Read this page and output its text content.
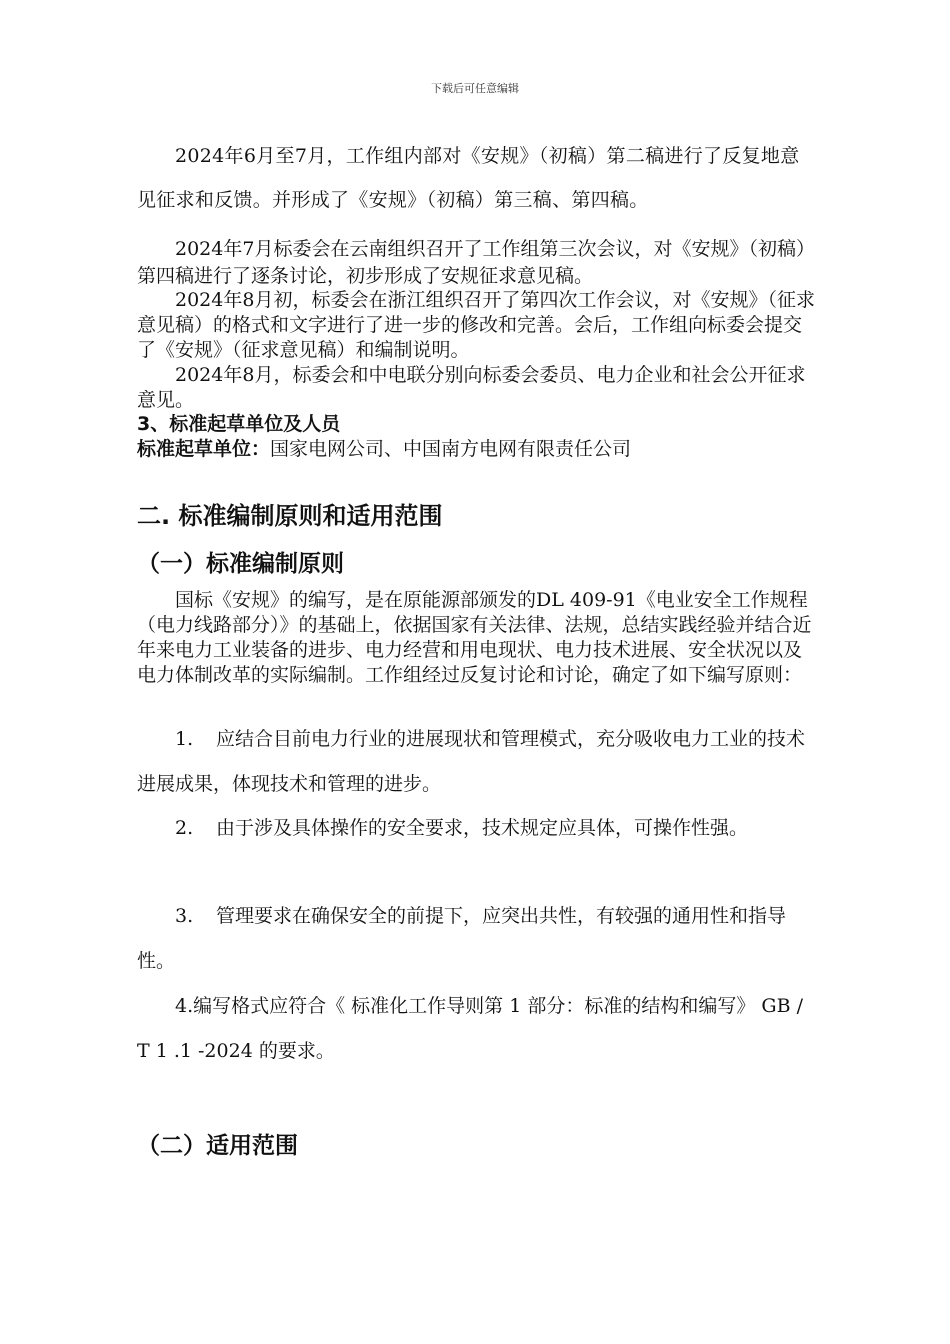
下载后可任意编辑

2024年6月至7月，工作组内部对《安规》（初稿）第二稿进行了反复地意见征求和反馈。并形成了《安规》（初稿）第三稿、第四稿。

2024年7月标委会在云南组织召开了工作组第三次会议，对《安规》（初稿）第四稿进行了逐条讨论，初步形成了安规征求意见稿。

2024年8月初，标委会在浙江组织召开了第四次工作会议，对《安规》（征求意见稿）的格式和文字进行了进一步的修改和完善。会后，工作组向标委会提交了《安规》（征求意见稿）和编制说明。

2024年8月，标委会和中电联分别向标委会委员、电力企业和社会公开征求意见。

3、标准起草单位及人员

标准起草单位：国家电网公司、中国南方电网有限责任公司

二. 标准编制原则和适用范围
（一）标准编制原则

国标《安规》的编写，是在原能源部颁发的DL 409-91《电业安全工作规程（电力线路部分）》的基础上，依据国家有关法律、法规，总结实践经验并结合近年来电力工业装备的进步、电力经营和用电现状、电力技术进展、安全状况以及电力体制改革的实际编制。工作组经过反复讨论和讨论，确定了如下编写原则：

1. 应结合目前电力行业的进展现状和管理模式，充分吸收电力工业的技术进展成果，体现技术和管理的进步。

2. 由于涉及具体操作的安全要求，技术规定应具体，可操作性强。

3. 管理要求在确保安全的前提下，应突出共性，有较强的通用性和指导性。

4.编写格式应符合《 标准化工作导则第 1 部分：标准的结构和编写》 GB / T 1 .1 -2024 的要求。

（二）适用范围
